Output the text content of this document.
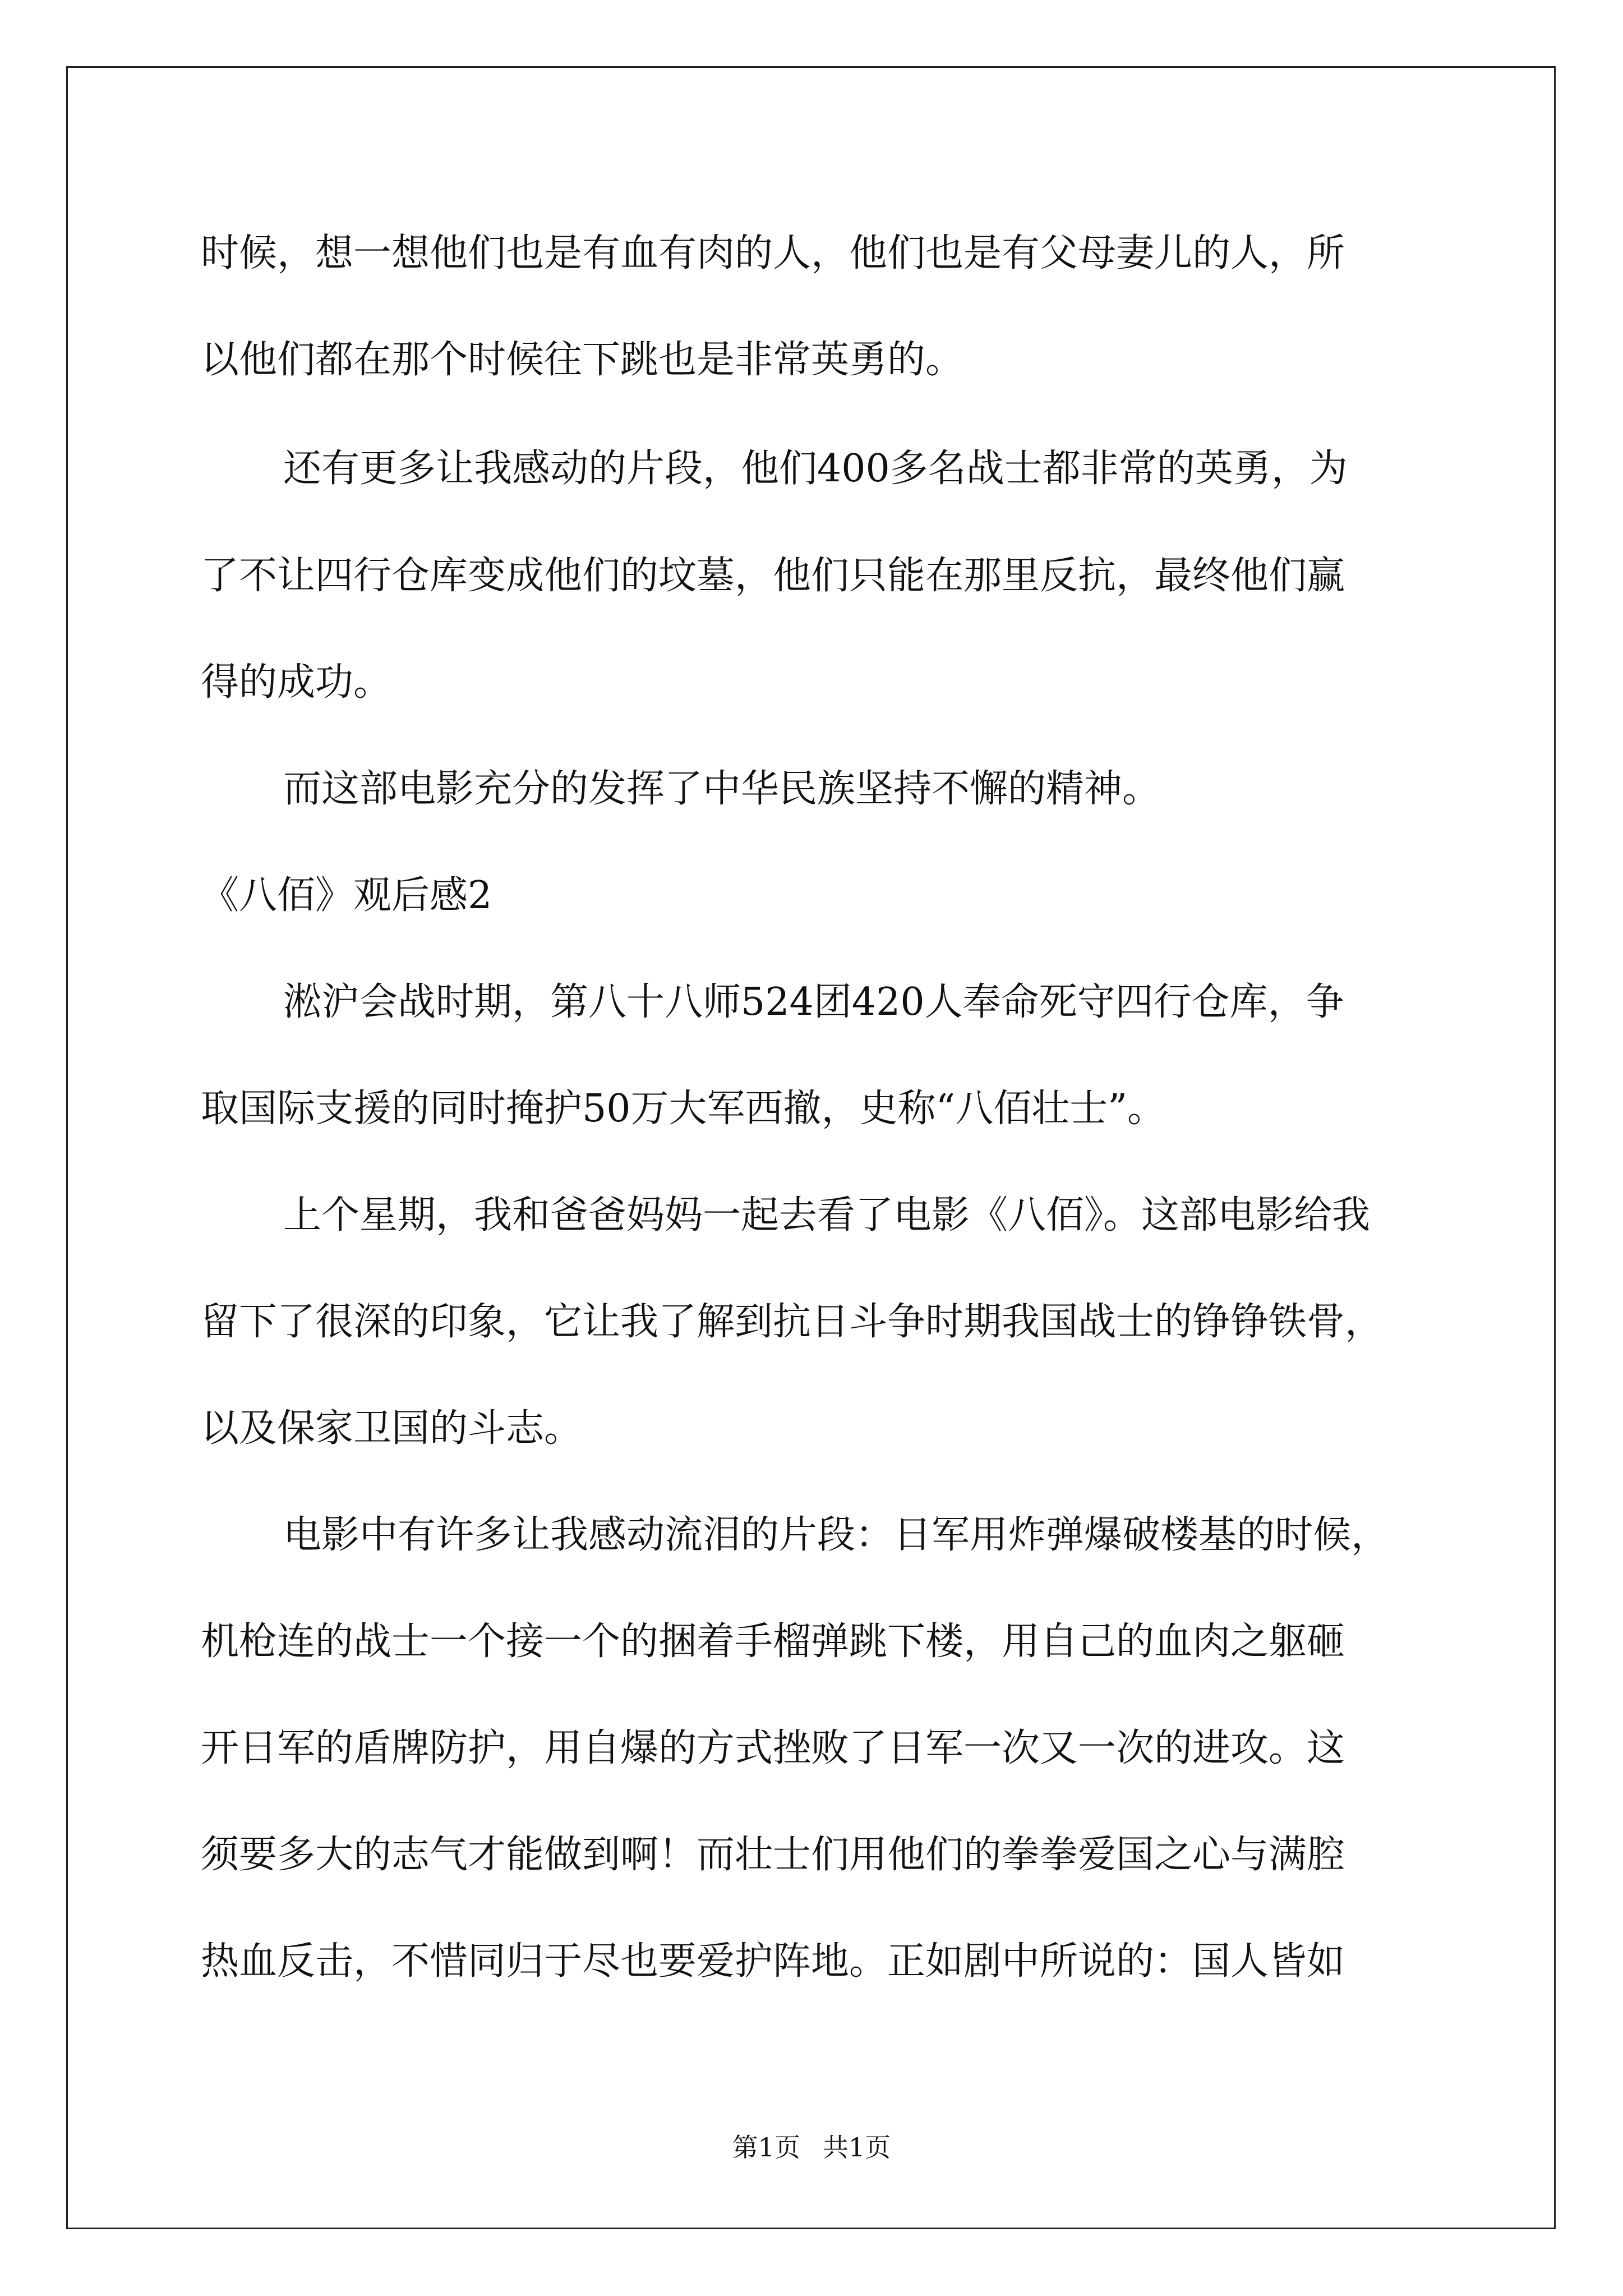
时候，想一想他们也是有血有肉的人，他们也是有父母妻儿的人，所

以他们都在那个时候往下跳也是非常英勇的。

还有更多让我感动的片段，他们400多名战士都非常的英勇，为

了不让四行仓库变成他们的坟墓，他们只能在那里反抗，最终他们赢

得的成功。

而这部电影充分的发挥了中华民族坚持不懈的精神。

《八佰》观后感2

淞沪会战时期，第八十八师524团420人奉命死守四行仓库，争

取国际支援的同时掩护50万大军西撤，史称“八佰壮士”。

上个星期，我和爸爸妈妈一起去看了电影《八佰》。这部电影给我

留下了很深的印象，它让我了解到抗日斗争时期我国战士的铮铮铁骨，

以及保家卫国的斗志。

电影中有许多让我感动流泪的片段：日军用炸弹爆破楼基的时候，

机枪连的战士一个接一个的捆着手榴弹跳下楼，用自己的血肉之躯砸

开日军的盾牌防护，用自爆的方式挫败了日军一次又一次的进攻。这

须要多大的志气才能做到啊！而壮士们用他们的拳拳爱国之心与满腔

热血反击，不惜同归于尽也要爱护阵地。正如剧中所说的：国人皆如

第1页 共1页
